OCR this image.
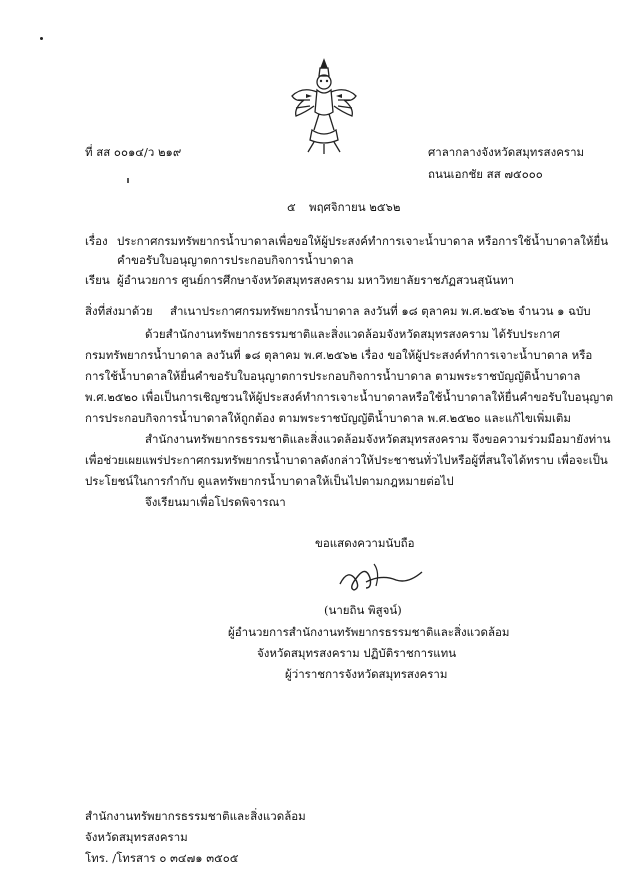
ที่ สส ๐๐๑๔/ว ๒๑๙	ศาลากลางจังหวัดสมุทรสงคราม
ถนนเอกชัย สส ๗๕๐๐๐
๕ พฤศจิกายน ๒๕๖๒
เรื่อง ประกาศกรมทรัพยากรน้ำบาดาลเพื่อขอให้ผู้ประสงค์ทำการเจาะน้ำบาดาล หรือการใช้น้ำบาดาลให้ยื่น
คำขอรับใบอนุญาตการประกอบกิจการน้ำบาดาล
เรียน ผู้อำนวยการ ศูนย์การศึกษาจังหวัดสมุทรสงคราม มหาวิทยาลัยราชภัฏสวนสุนันทา
สิ่งที่ส่งมาด้วย สำเนาประกาศกรมทรัพยากรน้ำบาดาล ลงวันที่ ๑๘ ตุลาคม พ.ศ.๒๕๖๒ จำนวน ๑ ฉบับ
ด้วยสำนักงานทรัพยากรธรรมชาติและสิ่งแวดล้อมจังหวัดสมุทรสงคราม ได้รับประกาศ
กรมทรัพยากรน้ำบาดาล ลงวันที่ ๑๘ ตุลาคม พ.ศ.๒๕๖๒ เรื่อง ขอให้ผู้ประสงค์ทำการเจาะน้ำบาดาล หรือ
การใช้น้ำบาดาลให้ยื่นคำขอรับใบอนุญาตการประกอบกิจการน้ำบาดาล ตามพระราชบัญญัติน้ำบาดาล
พ.ศ.๒๕๒๐ เพื่อเป็นการเชิญชวนให้ผู้ประสงค์ทำการเจาะน้ำบาดาลหรือใช้น้ำบาดาลให้ยื่นคำขอรับใบอนุญาต
การประกอบกิจการน้ำบาดาลให้ถูกต้อง ตามพระราชบัญญัติน้ำบาดาล พ.ศ.๒๕๒๐ และแก้ไขเพิ่มเติม
สำนักงานทรัพยากรธรรมชาติและสิ่งแวดล้อมจังหวัดสมุทรสงคราม จึงขอความร่วมมือมายังท่าน
เพื่อช่วยเผยแพร่ประกาศกรมทรัพยากรน้ำบาดาลดังกล่าวให้ประชาชนทั่วไปหรือผู้ที่สนใจได้ทราบ เพื่อจะเป็น
ประโยชน์ในการกำกับ ดูแลทรัพยากรน้ำบาดาลให้เป็นไปตามกฎหมายต่อไป
จึงเรียนมาเพื่อโปรดพิจารณา
ขอแสดงความนับถือ
(นายถิน พิสูจน์)
ผู้อำนวยการสำนักงานทรัพยากรธรรมชาติและสิ่งแวดล้อม
จังหวัดสมุทรสงคราม ปฏิบัติราชการแทน
ผู้ว่าราชการจังหวัดสมุทรสงคราม
สำนักงานทรัพยากรธรรมชาติและสิ่งแวดล้อม
จังหวัดสมุทรสงคราม
โทร. /โทรสาร ๐ ๓๔๗๑ ๓๕๐๕
